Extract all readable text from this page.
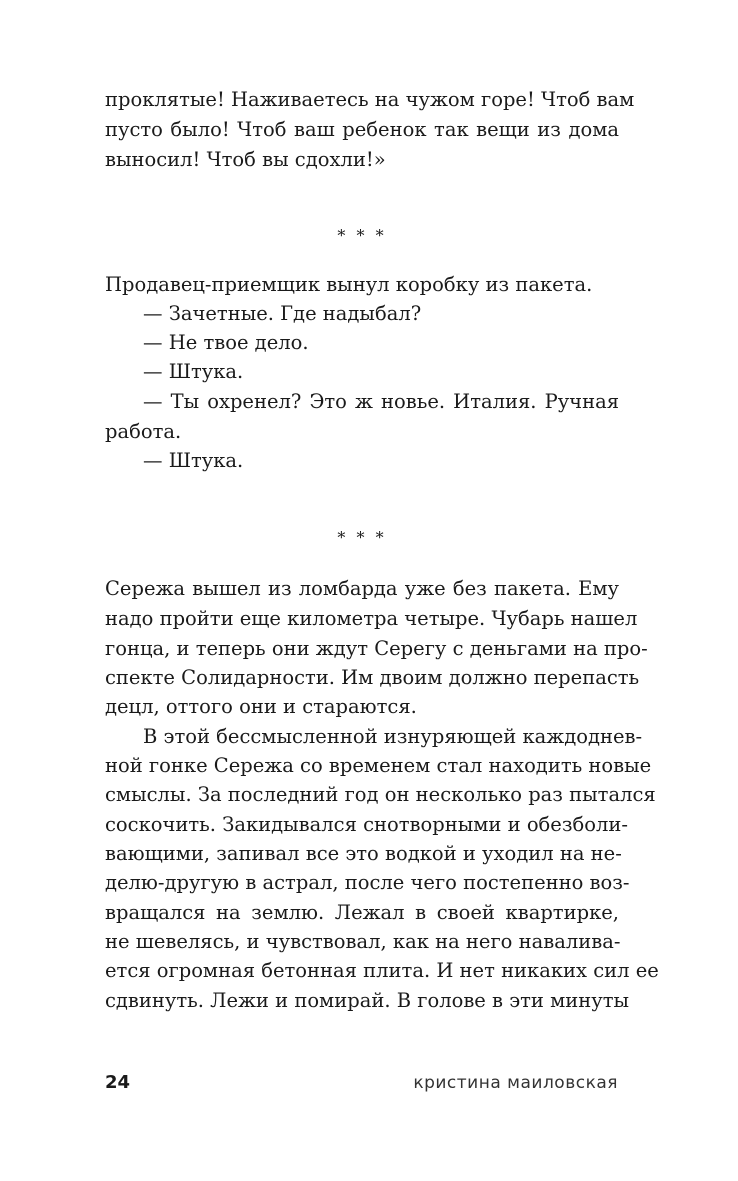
проклятые! Наживаетесь на чужом горе! Чтоб вам
пусто было! Чтоб ваш ребенок так вещи из дома
выносил! Чтоб вы сдохли!»
* * *
Продавец-приемщик вынул коробку из пакета.
— Зачетные. Где надыбал?
— Не твое дело.
— Штука.
— Ты охренел? Это ж новье. Италия. Ручная
работа.
— Штука.
* * *
Сережа вышел из ломбарда уже без пакета. Ему
надо пройти еще километра четыре. Чубарь нашел
гонца, и теперь они ждут Серегу с деньгами на про-
спекте Солидарности. Им двоим должно перепасть
децл, оттого они и стараются.
В этой бессмысленной изнуряющей каждоднев-
ной гонке Сережа со временем стал находить новые
смыслы. За последний год он несколько раз пытался
соскочить. Закидывался снотворными и обезболи-
вающими, запивал все это водкой и уходил на не-
делю-другую в астрал, после чего постепенно воз-
вращался на землю. Лежал в своей квартирке,
не шевелясь, и чувствовал, как на него наваливa-
ется огромная бетонная плита. И нет никаких сил ее
сдвинуть. Лежи и помирай. В голове в эти минуты
24	кристина маиловская
